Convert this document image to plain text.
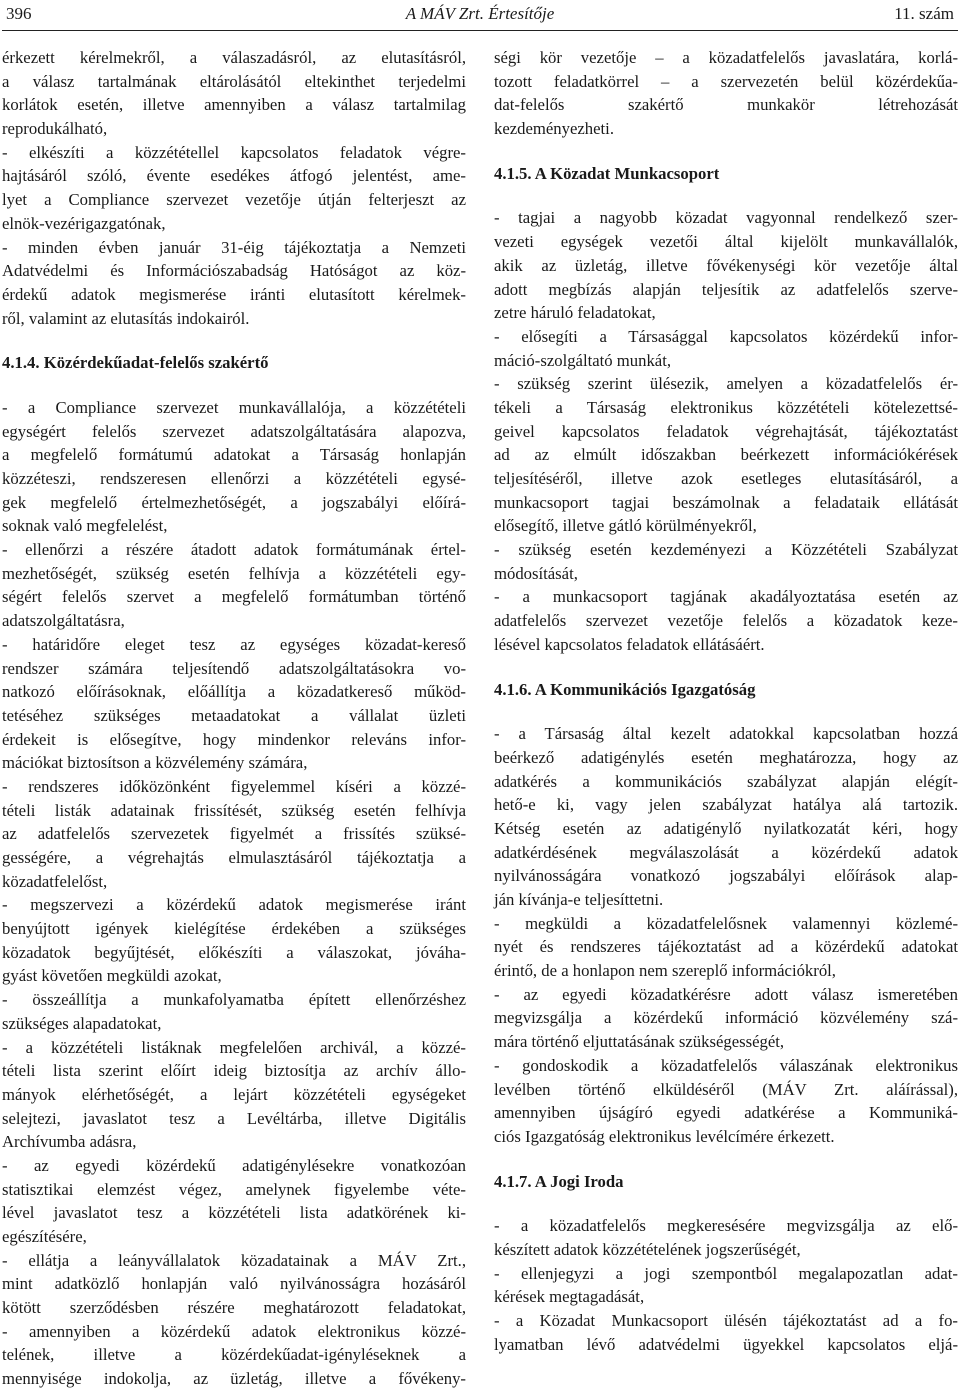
396	A MÁV Zrt. Értesítője	11. szám
érkezett kérelmekről, a válaszadásról, az elutasításról,
a válasz tartalmának eltárolásától eltekinthet terjedelmi
korlátok esetén, illetve amennyiben a válasz tartalmilag
reprodukálható,
- elkészíti a közzététellel kapcsolatos feladatok végre-
hajtásáról szóló, évente esedékes átfogó jelentést, ame-
lyet a Compliance szervezet vezetője útján felterjeszt az
elnök-vezérigazgatónak,
- minden évben január 31-éig tájékoztatja a Nemzeti
Adatvédelmi és Információszabadság Hatóságot az köz-
érdekű adatok megismerése iránti elutasított kérelmek-
ről, valamint az elutasítás indokairól.
4.1.4. Közérdekűadat-felelős szakértő
- a Compliance szervezet munkavállalója, a közzétételi
egységért felelős szervezet adatszolgáltatására alapozva,
a megfelelő formátumú adatokat a Társaság honlapján
közzéteszi, rendszeresen ellenőrzi a közzétételi egysé-
gek megfelelő értelmezhetőségét, a jogszabályi előírá-
soknak való megfelelést,
- ellenőrzi a részére átadott adatok formátumának értel-
mezhetőségét, szükség esetén felhívja a közzétételi egy-
ségért felelős szervet a megfelelő formátumban történő
adatszolgáltatásra,
- határidőre eleget tesz az egységes közadat-kereső
rendszer számára teljesítendő adatszolgáltatásokra vo-
natkozó előírásoknak, előállítja a közadatkereső működ-
tetéséhez szükséges metaadatokat a vállalat üzleti
érdekeit is elősegítve, hogy mindenkor releváns infor-
mációkat biztosítson a közvélemény számára,
- rendszeres időközönként figyelemmel kíséri a közzé-
tételi listák adatainak frissítését, szükség esetén felhívja
az adatfelelős szervezetek figyelmét a frissítés szüksé-
gességére, a végrehajtás elmulasztásáról tájékoztatja a
közadatfelelőst,
- megszervezi a közérdekű adatok megismerése iránt
benyújtott igények kielégítése érdekében a szükséges
közadatok begyűjtését, előkészíti a válaszokat, jóváha-
gyást követően megküldi azokat,
- összeállítja a munkafolyamatba épített ellenőrzéshez
szükséges alapadatokat,
- a közzétételi listáknak megfelelően archivál, a közzé-
tételi lista szerint előírt ideig biztosítja az archív állo-
mányok elérhetőségét, a lejárt közzétételi egységeket
selejtezi, javaslatot tesz a Levéltárba, illetve Digitális
Archívumba adásra,
- az egyedi közérdekű adatigénylésekre vonatkozóan
statisztikai elemzést végez, amelynek figyelembe véte-
lével javaslatot tesz a közzétételi lista adatkörének ki-
egészítésére,
- ellátja a leányvállalatok közadatainak a MÁV Zrt.,
mint adatközlő honlapján való nyilvánosságra hozásáról
kötött szerződésben részére meghatározott feladatokat,
- amennyiben a közérdekű adatok elektronikus közzé-
telének, illetve a közérdekűadat-igényléseknek a
mennyisége indokolja, az üzletág, illetve a fővékeny-
ségi kör vezetője – a közadatfelelős javaslatára, korlá-
tozott feladatkörrel – a szervezetén belül közérdekűa-
dat-felelős szakértő munkakör létrehozását
kezdeményezheti.
4.1.5. A Közadat Munkacsoport
- tagjai a nagyobb közadat vagyonnal rendelkező szer-
vezeti egységek vezetői által kijelölt munkavállalók,
akik az üzletág, illetve fővékenységi kör vezetője által
adott megbízás alapján teljesítik az adatfelelős szerve-
zetre háruló feladatokat,
- elősegíti a Társasággal kapcsolatos közérdekű infor-
máció-szolgáltató munkát,
- szükség szerint ülésezik, amelyen a közadatfelelős ér-
tékeli a Társaság elektronikus közzétételi kötelezettsé-
geivel kapcsolatos feladatok végrehajtását, tájékoztatást
ad az elmúlt időszakban beérkezett információkérések
teljesítéséről, illetve azok esetleges elutasításáról, a
munkacsoport tagjai beszámolnak a feladataik ellátását
elősegítő, illetve gátló körülményekről,
- szükség esetén kezdeményezi a Közzétételi Szabályzat
módosítását,
- a munkacsoport tagjának akadályoztatása esetén az
adatfelelős szervezet vezetője felelős a közadatok keze-
lésével kapcsolatos feladatok ellátásáért.
4.1.6. A Kommunikációs Igazgatóság
- a Társaság által kezelt adatokkal kapcsolatban hozzá
beérkező adatigénylés esetén meghatározza, hogy az
adatkérés a kommunikációs szabályzat alapján elégít-
hető-e ki, vagy jelen szabályzat hatálya alá tartozik.
Kétség esetén az adatigénylő nyilatkozatát kéri, hogy
adatkérdésének megválaszolását a közérdekű adatok
nyilvánosságára vonatkozó jogszabályi előírások alap-
ján kívánja-e teljesíttetni.
- megküldi a közadatfelelősnek valamennyi közlemé-
nyét és rendszeres tájékoztatást ad a közérdekű adatokat
érintő, de a honlapon nem szereplő információkról,
- az egyedi közadatkérésre adott válasz ismeretében
megvizsgálja a közérdekű információ közvélemény szá-
mára történő eljuttatásának szükségességét,
- gondoskodik a közadatfelelős válaszának elektronikus
levélben történő elküldéséről (MÁV Zrt. aláírással),
amennyiben újságíró egyedi adatkérése a Kommuniká-
ciós Igazgatóság elektronikus levélcímére érkezett.
4.1.7. A Jogi Iroda
- a közadatfelelős megkeresésére megvizsgálja az elő-
készített adatok közzétételének jogszerűségét,
- ellenjegyzi a jogi szempontból megalapozatlan adat-
kérések megtagadását,
- a Közadat Munkacsoport ülésén tájékoztatást ad a fo-
lyamatban lévő adatvédelmi ügyekkel kapcsolatos eljá-
